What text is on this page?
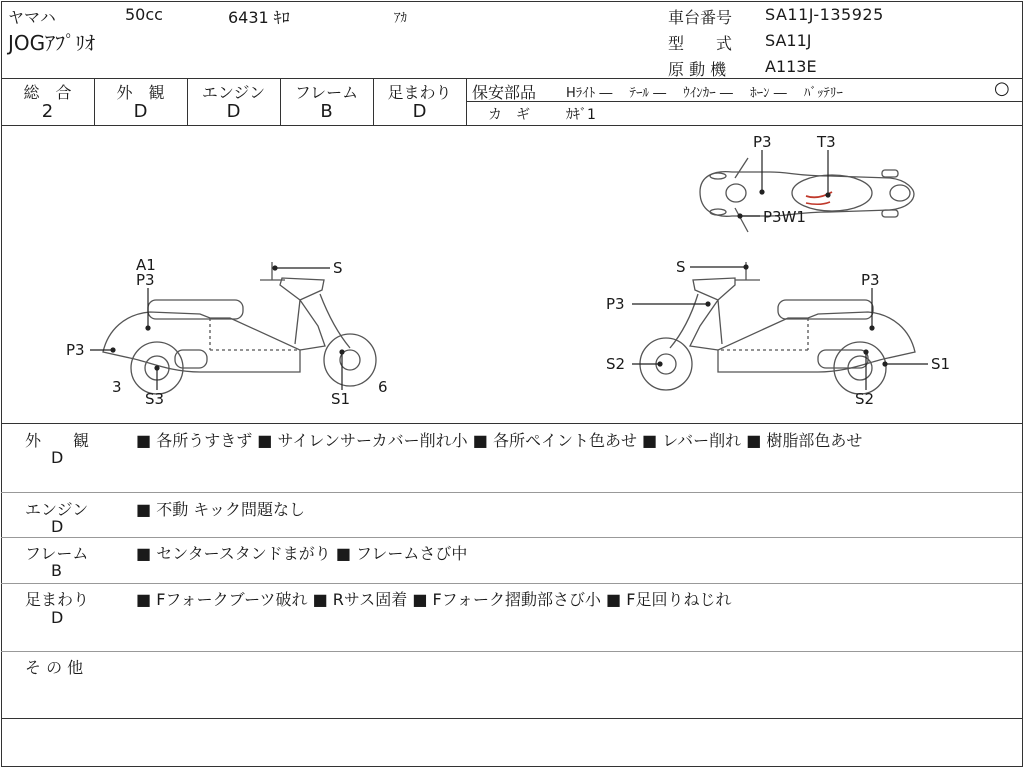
ヤマハ	50cc	6431 ｷﾛ	ｱｶ
JOGｱﾌﾟﾘｵ
車台番号 SA11J-135925
型　　式 SA11J
原 動 機 A113E
総　合
2
外　観
D
エンジン
D
フレーム
B
足まわり
D
保安部品 Hﾗｲﾄ ―　 ﾃｰﾙ ―　 ｳｲﾝｶｰ ―　 ﾎｰﾝ ―　 ﾊﾞｯﾃﾘｰ	○
カ　ギ	ｶｷﾞ1
P3	T3
P3W1
A1
P3
P3
S
3
S3	S1
6
S
P3
P3
S2	S1
S2
外　　観
D
■ 各所うすきず ■ サイレンサーカバー削れ小 ■ 各所ペイント色あせ ■ レバー削れ ■ 樹脂部色あせ
エンジン
D
■ 不動 キック問題なし
フレーム
B
■ センタースタンドまがり ■ フレームさび中
足まわり
D
■ Fフォークブーツ破れ ■ Rサス固着 ■ Fフォーク摺動部さび小 ■ F足回りねじれ
そ の 他
